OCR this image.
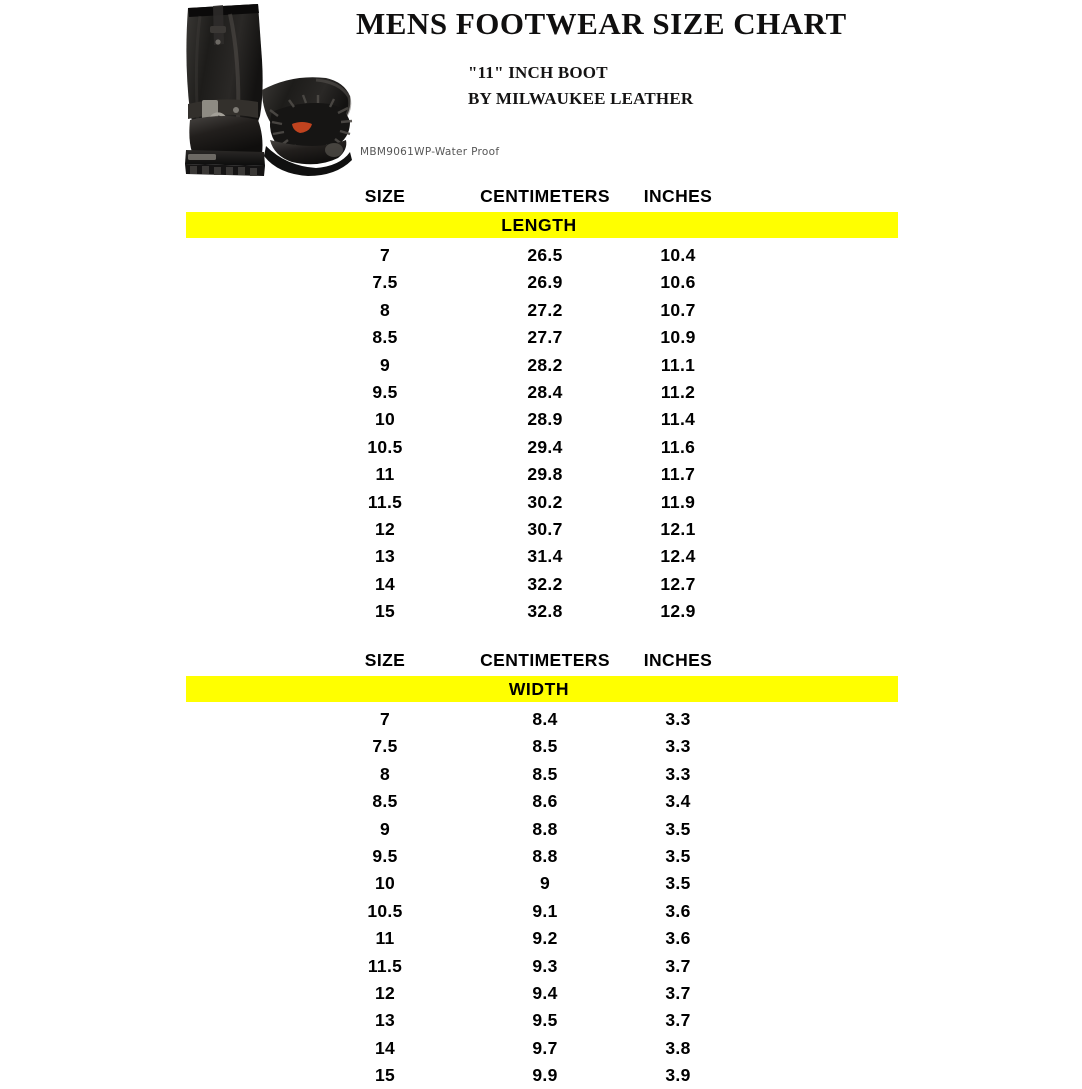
MENS FOOTWEAR SIZE CHART
"11" INCH BOOT
BY MILWAUKEE LEATHER
MBM9061WP-Water Proof
SIZE	CENTIMETERS	INCHES
LENGTH
7	26.5	10.4
7.5	26.9	10.6
8	27.2	10.7
8.5	27.7	10.9
9	28.2	11.1
9.5	28.4	11.2
10	28.9	11.4
10.5	29.4	11.6
11	29.8	11.7
11.5	30.2	11.9
12	30.7	12.1
13	31.4	12.4
14	32.2	12.7
15	32.8	12.9
SIZE	CENTIMETERS	INCHES
WIDTH
7	8.4	3.3
7.5	8.5	3.3
8	8.5	3.3
8.5	8.6	3.4
9	8.8	3.5
9.5	8.8	3.5
10	9	3.5
10.5	9.1	3.6
11	9.2	3.6
11.5	9.3	3.7
12	9.4	3.7
13	9.5	3.7
14	9.7	3.8
15	9.9	3.9
